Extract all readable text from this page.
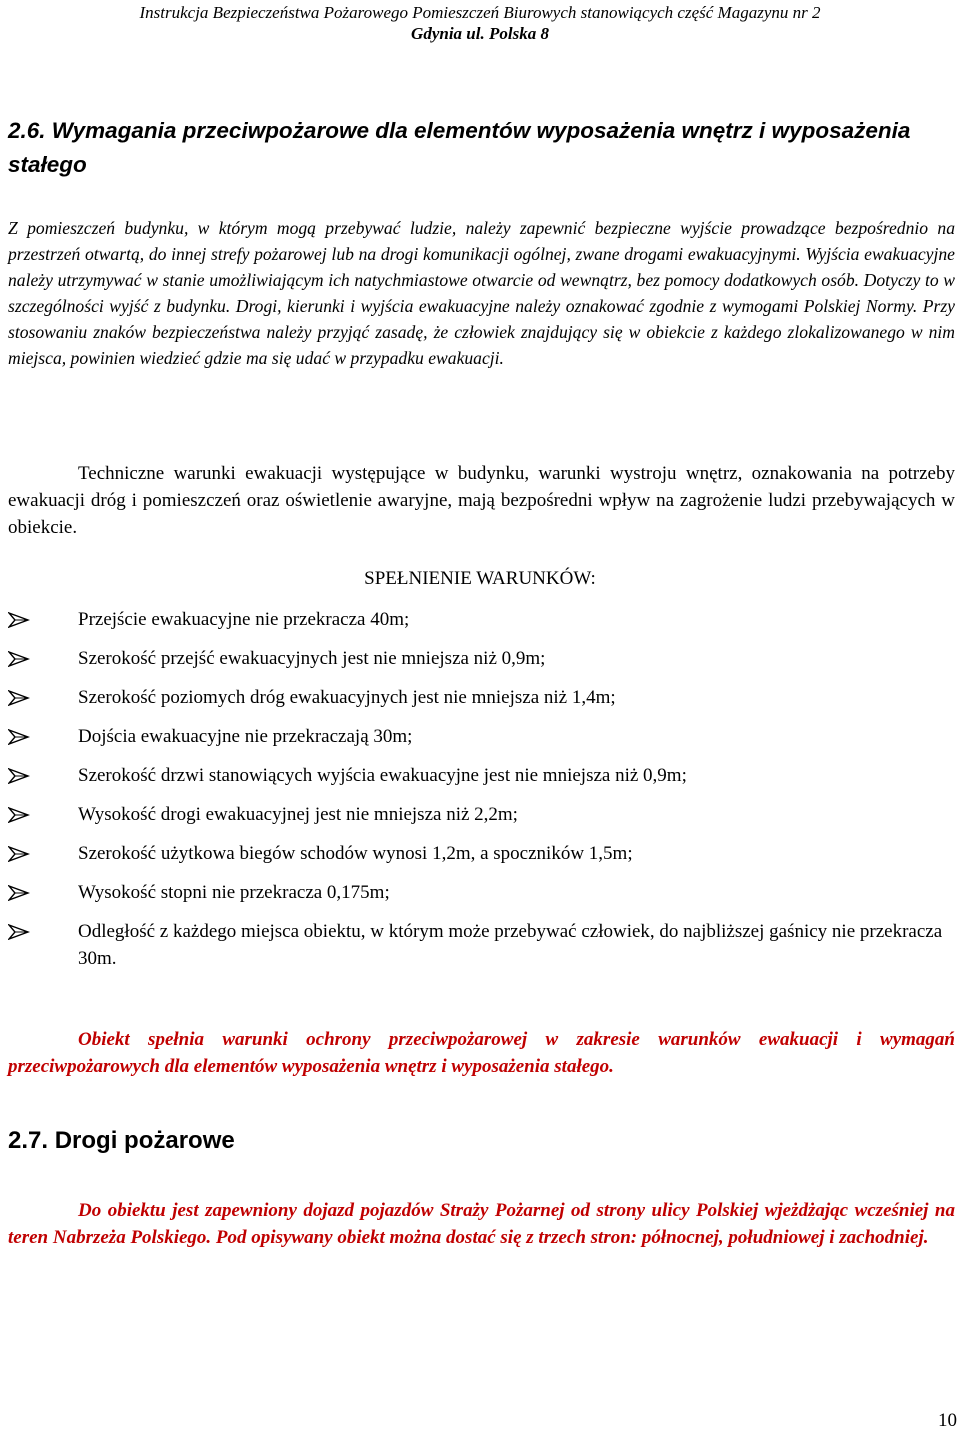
Instrukcja Bezpieczeństwa Pożarowego Pomieszczeń Biurowych stanowiących część Magazynu nr 2
Gdynia ul. Polska 8
2.6. Wymagania przeciwpożarowe dla elementów wyposażenia wnętrz i wyposażenia stałego
Z pomieszczeń budynku, w którym mogą przebywać ludzie, należy zapewnić bezpieczne wyjście prowadzące bezpośrednio na przestrzeń otwartą, do innej strefy pożarowej lub na drogi komunikacji ogólnej, zwane drogami ewakuacyjnymi. Wyjścia ewakuacyjne należy utrzymywać w stanie umożliwiającym ich natychmiastowe otwarcie od wewnątrz, bez pomocy dodatkowych osób. Dotyczy to w szczególności wyjść z budynku. Drogi, kierunki i wyjścia ewakuacyjne należy oznakować zgodnie z wymogami Polskiej Normy. Przy stosowaniu znaków bezpieczeństwa należy przyjąć zasadę, że człowiek znajdujący się w obiekcie z każdego zlokalizowanego w nim miejsca, powinien wiedzieć gdzie ma się udać w przypadku ewakuacji.
Techniczne warunki ewakuacji występujące w budynku, warunki wystroju wnętrz, oznakowania na potrzeby ewakuacji dróg i pomieszczeń oraz oświetlenie awaryjne, mają bezpośredni wpływ na zagrożenie ludzi przebywających w obiekcie.
SPEŁNIENIE WARUNKÓW:
Przejście ewakuacyjne nie przekracza 40m;
Szerokość przejść ewakuacyjnych jest nie mniejsza niż 0,9m;
Szerokość poziomych dróg ewakuacyjnych jest nie mniejsza niż 1,4m;
Dojścia ewakuacyjne nie przekraczają 30m;
Szerokość drzwi stanowiących wyjścia ewakuacyjne jest nie mniejsza niż 0,9m;
Wysokość drogi ewakuacyjnej jest nie mniejsza niż 2,2m;
Szerokość użytkowa biegów schodów wynosi 1,2m, a spoczników 1,5m;
Wysokość stopni nie przekracza 0,175m;
Odległość z każdego miejsca obiektu, w którym może przebywać człowiek, do najbliższej gaśnicy nie przekracza 30m.
Obiekt spełnia warunki ochrony przeciwpożarowej w zakresie warunków ewakuacji i wymagań przeciwpożarowych dla elementów wyposażenia wnętrz i wyposażenia stałego.
2.7. Drogi pożarowe
Do obiektu jest zapewniony dojazd pojazdów Straży Pożarnej od strony ulicy Polskiej wjeżdżając wcześniej na teren Nabrzeża Polskiego. Pod opisywany obiekt można dostać się z trzech stron: północnej, południowej i zachodniej.
10
